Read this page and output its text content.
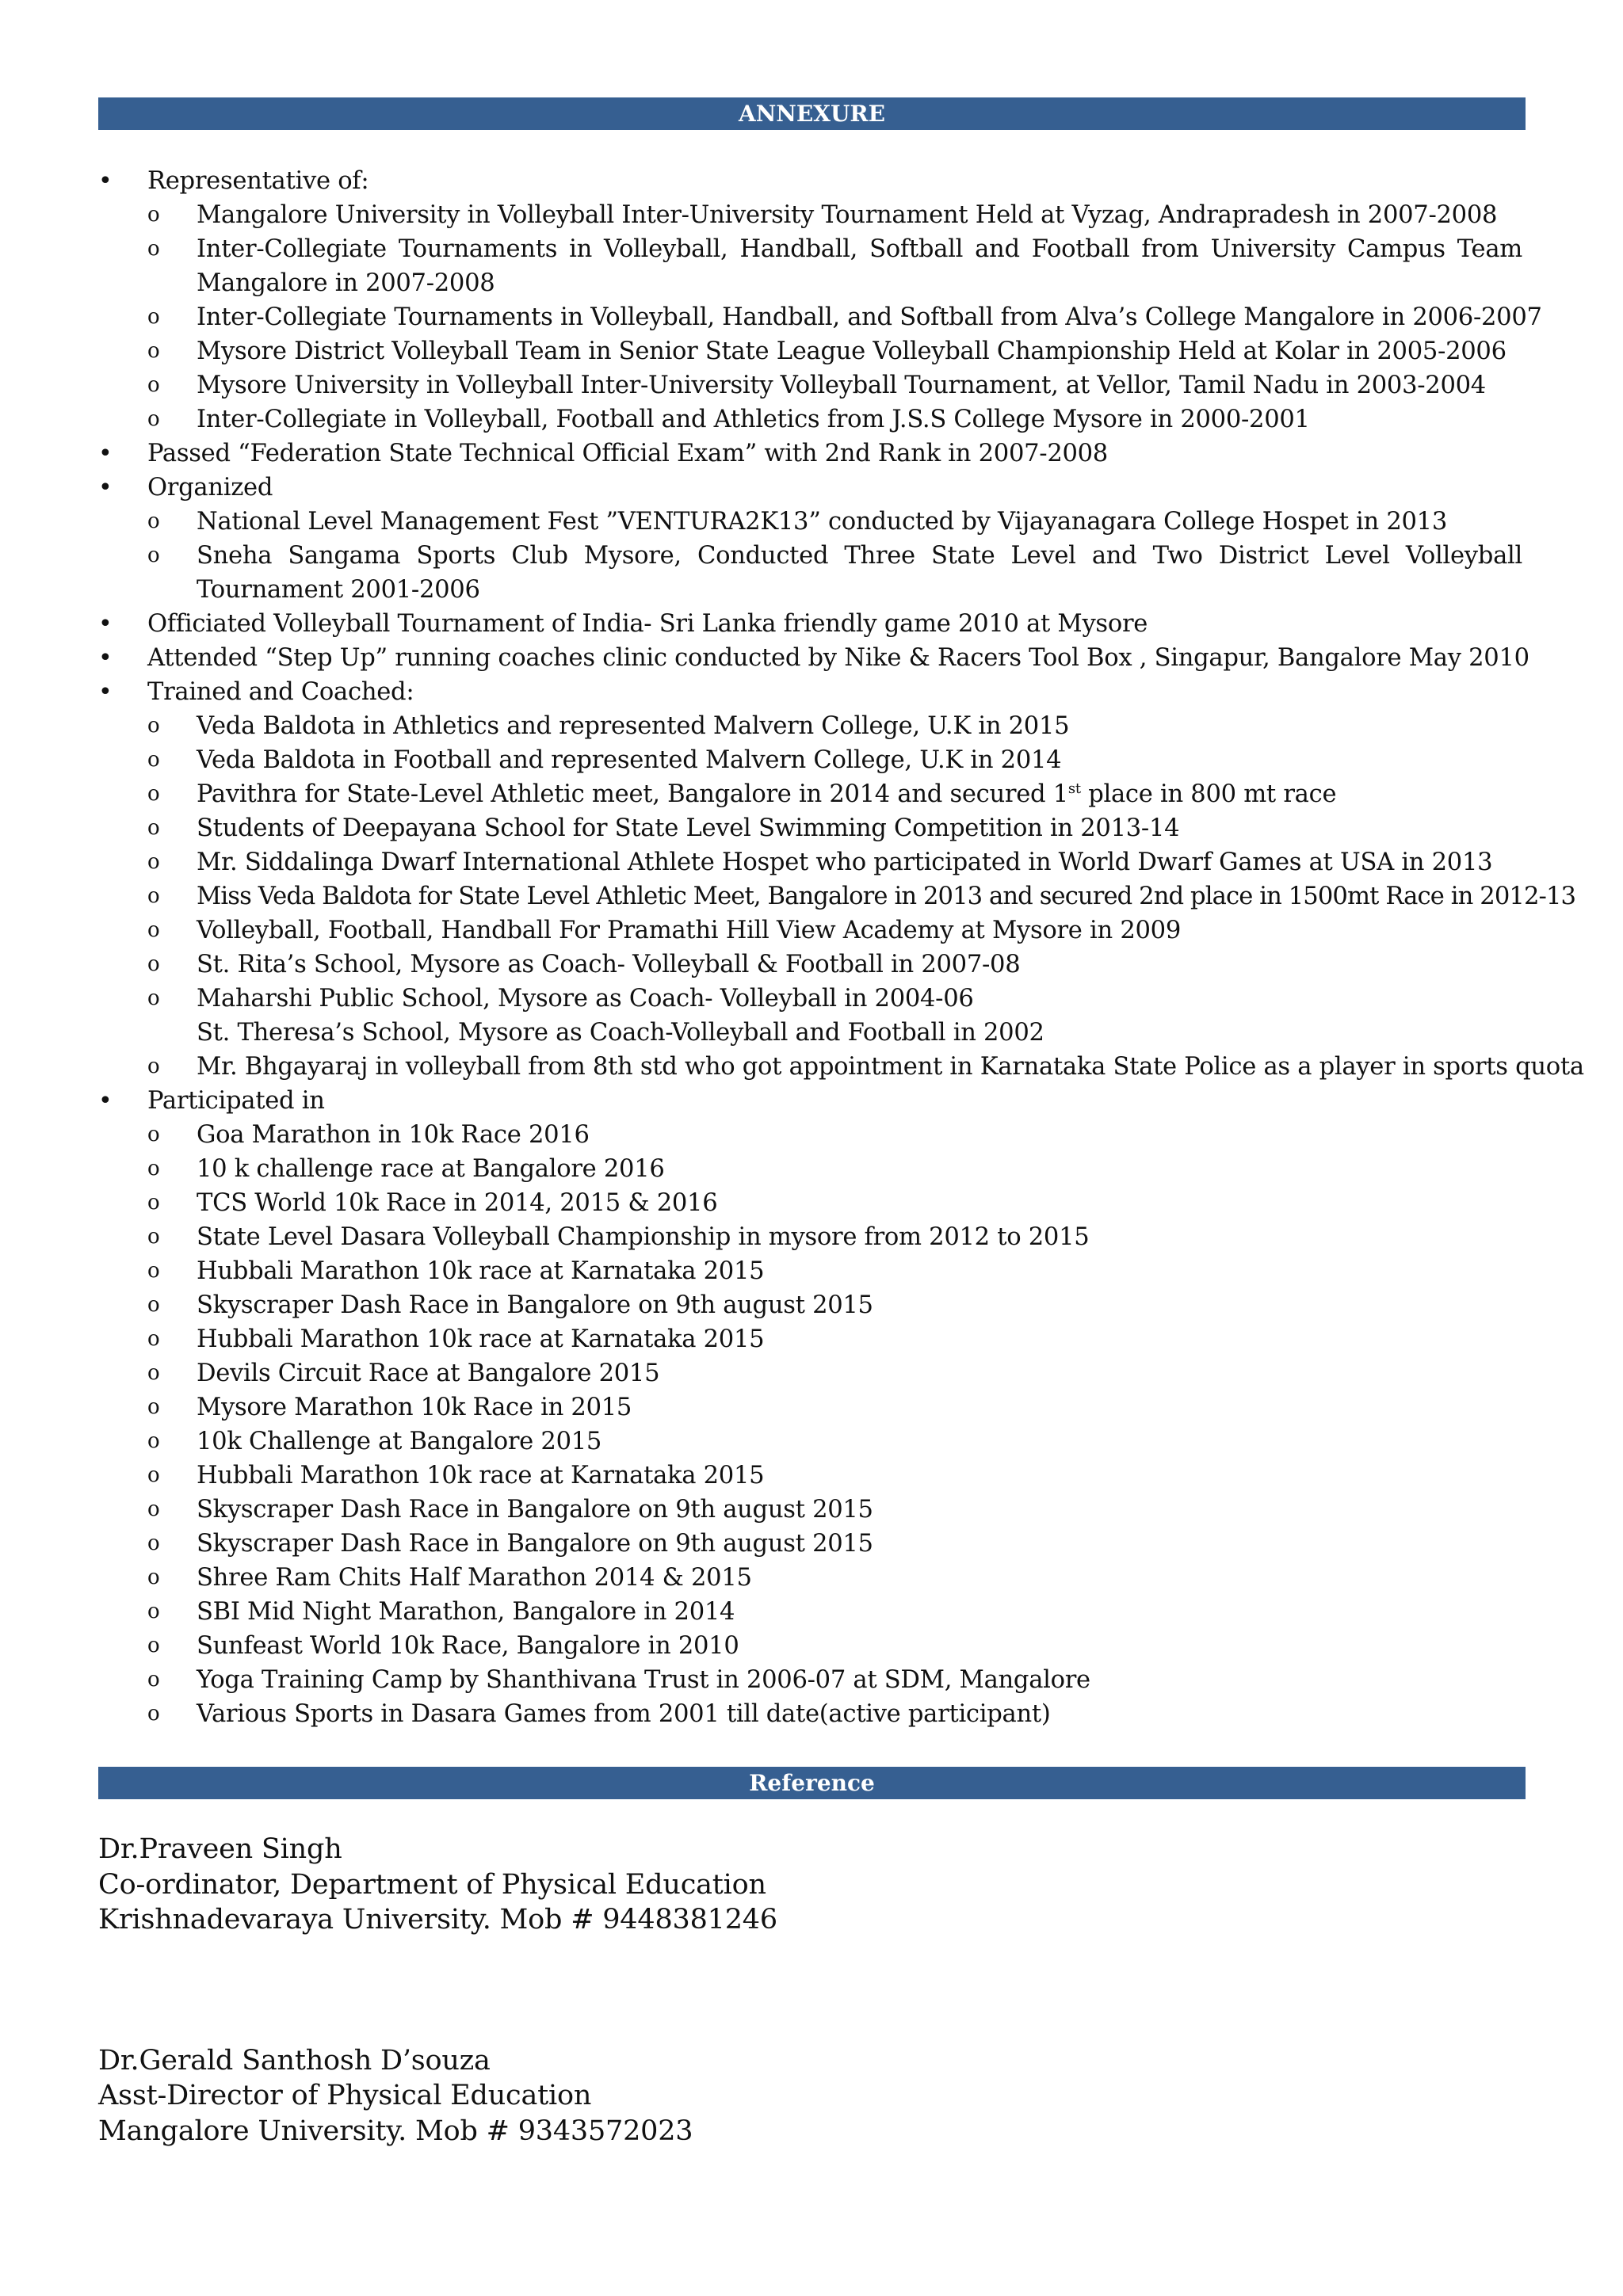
ANNEXURE
• Representative of:
o Mangalore University in Volleyball Inter-University Tournament Held at Vyzag, Andrapradesh in 2007-2008
o Inter-Collegiate Tournaments in Volleyball, Handball, Softball and Football from University Campus Team Mangalore in 2007-2008
o Inter-Collegiate Tournaments in Volleyball, Handball, and Softball from Alva’s College Mangalore in 2006-2007
o Mysore District Volleyball Team in Senior State League Volleyball Championship Held at Kolar in 2005-2006
o Mysore University in Volleyball Inter-University Volleyball Tournament, at Vellor, Tamil Nadu in 2003-2004
o Inter-Collegiate in Volleyball, Football and Athletics from J.S.S College Mysore in 2000-2001
• Passed “Federation State Technical Official Exam” with 2nd Rank in 2007-2008
• Organized
o National Level Management Fest ”VENTURA2K13” conducted by Vijayanagara College Hospet in 2013
o Sneha Sangama Sports Club Mysore, Conducted Three State Level and Two District Level Volleyball Tournament 2001-2006
• Officiated Volleyball Tournament of India- Sri Lanka friendly game 2010 at Mysore
• Attended “Step Up” running coaches clinic conducted by Nike & Racers Tool Box , Singapur, Bangalore May 2010
• Trained and Coached:
o Veda Baldota in Athletics and represented Malvern College, U.K in 2015
o Veda Baldota in Football and represented Malvern College, U.K in 2014
o Pavithra for State-Level Athletic meet, Bangalore in 2014 and secured 1st place in 800 mt race
o Students of Deepayana School for State Level Swimming Competition in 2013-14
o Mr. Siddalinga Dwarf International Athlete Hospet who participated in World Dwarf Games at USA in 2013
o Miss Veda Baldota for State Level Athletic Meet, Bangalore in 2013 and secured 2nd place in 1500mt Race in 2012-13
o Volleyball, Football, Handball For Pramathi Hill View Academy at Mysore in 2009
o St. Rita’s School, Mysore as Coach- Volleyball & Football in 2007-08
o Maharshi Public School, Mysore as Coach- Volleyball in 2004-06
St. Theresa’s School, Mysore as Coach-Volleyball and Football in 2002
o Mr. Bhgayaraj in volleyball from 8th std who got appointment in Karnataka State Police as a player in sports quota
• Participated in
o Goa Marathon in 10k Race 2016
o 10 k challenge race at Bangalore 2016
o TCS World 10k Race in 2014, 2015 & 2016
o State Level Dasara Volleyball Championship in mysore from 2012 to 2015
o Hubbali Marathon 10k race at Karnataka 2015
o Skyscraper Dash Race in Bangalore on 9th august 2015
o Hubbali Marathon 10k race at Karnataka 2015
o Devils Circuit Race at Bangalore 2015
o Mysore Marathon 10k Race in 2015
o 10k Challenge at Bangalore 2015
o Hubbali Marathon 10k race at Karnataka 2015
o Skyscraper Dash Race in Bangalore on 9th august 2015
o Skyscraper Dash Race in Bangalore on 9th august 2015
o Shree Ram Chits Half Marathon 2014 & 2015
o SBI Mid Night Marathon, Bangalore in 2014
o Sunfeast World 10k Race, Bangalore in 2010
o Yoga Training Camp by Shanthivana Trust in 2006-07 at SDM, Mangalore
o Various Sports in Dasara Games from 2001 till date(active participant)
Reference
Dr.Praveen Singh
Co-ordinator, Department of Physical Education
Krishnadevaraya University. Mob # 9448381246
Dr.Gerald Santhosh D’souza
Asst-Director of Physical Education
Mangalore University. Mob # 9343572023
